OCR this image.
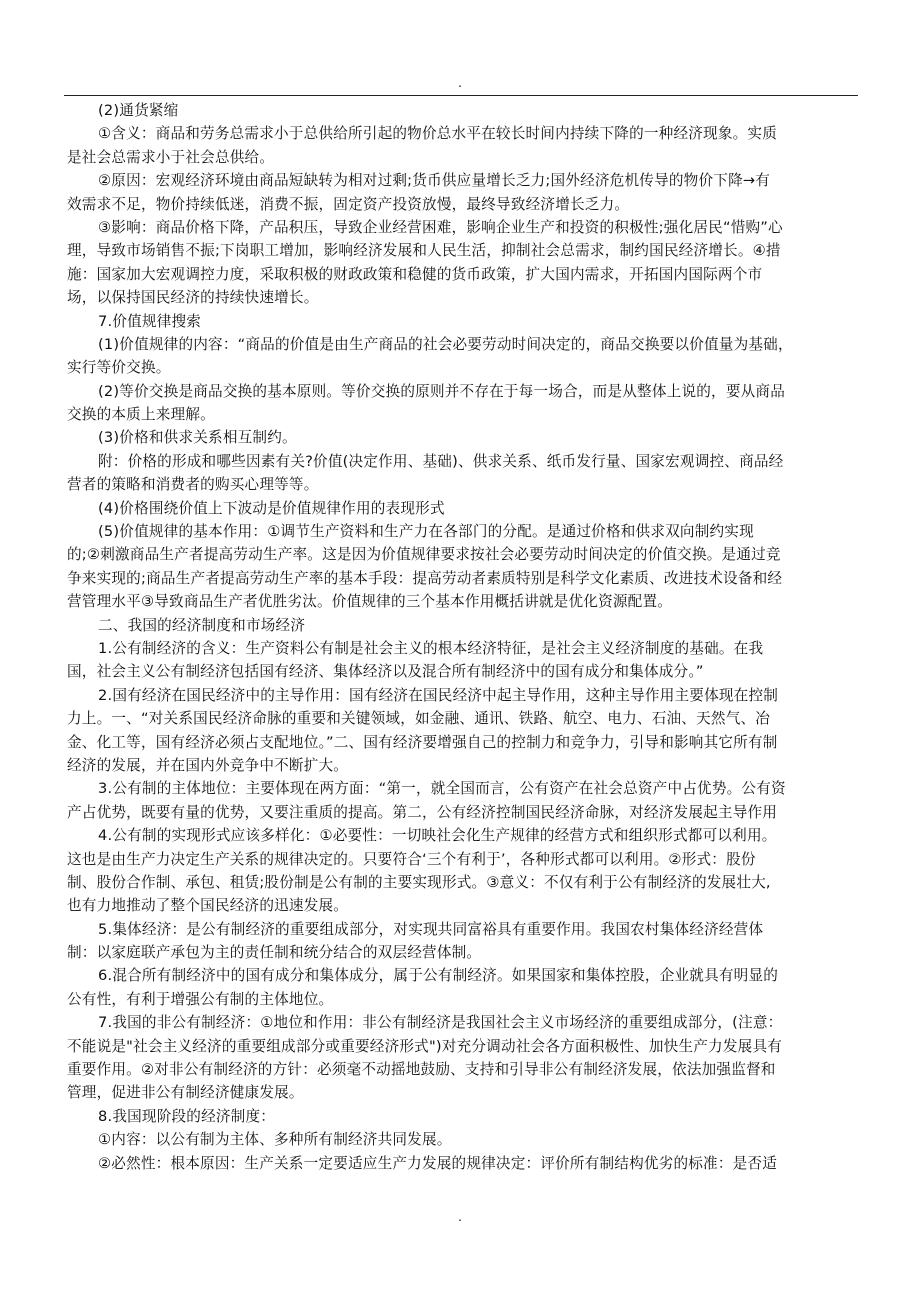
.
(2)通货紧缩
①含义：商品和劳务总需求小于总供给所引起的物价总水平在较长时间内持续下降的一种经济现象。实质
是社会总需求小于社会总供给。
②原因：宏观经济环境由商品短缺转为相对过剩;货币供应量增长乏力;国外经济危机传导的物价下降→有
效需求不足，物价持续低迷，消费不振，固定资产投资放慢，最终导致经济增长乏力。
③影响：商品价格下降，产品积压，导致企业经营困难，影响企业生产和投资的积极性;强化居民“惜购”心
理，导致市场销售不振;下岗职工增加，影响经济发展和人民生活，抑制社会总需求，制约国民经济增长。④措
施：国家加大宏观调控力度，采取积极的财政政策和稳健的货币政策，扩大国内需求，开拓国内国际两个市
场，以保持国民经济的持续快速增长。
7.价值规律搜索
(1)价值规律的内容：“商品的价值是由生产商品的社会必要劳动时间决定的，商品交换要以价值量为基础，
实行等价交换。
(2)等价交换是商品交换的基本原则。等价交换的原则并不存在于每一场合，而是从整体上说的，要从商品
交换的本质上来理解。
(3)价格和供求关系相互制约。
附：价格的形成和哪些因素有关?价值(决定作用、基础)、供求关系、纸币发行量、国家宏观调控、商品经
营者的策略和消费者的购买心理等等。
(4)价格围绕价值上下波动是价值规律作用的表现形式
(5)价值规律的基本作用：①调节生产资料和生产力在各部门的分配。是通过价格和供求双向制约实现
的;②刺激商品生产者提高劳动生产率。这是因为价值规律要求按社会必要劳动时间决定的价值交换。是通过竞
争来实现的;商品生产者提高劳动生产率的基本手段：提高劳动者素质特别是科学文化素质、改进技术设备和经
营管理水平③导致商品生产者优胜劣汰。价值规律的三个基本作用概括讲就是优化资源配置。
二、我国的经济制度和市场经济
1.公有制经济的含义：生产资料公有制是社会主义的根本经济特征，是社会主义经济制度的基础。在我
国，社会主义公有制经济包括国有经济、集体经济以及混合所有制经济中的国有成分和集体成分。”
2.国有经济在国民经济中的主导作用：国有经济在国民经济中起主导作用，这种主导作用主要体现在控制
力上。一、“对关系国民经济命脉的重要和关键领域，如金融、通讯、铁路、航空、电力、石油、天然气、冶
金、化工等，国有经济必须占支配地位。”二、国有经济要增强自己的控制力和竞争力，引导和影响其它所有制
经济的发展，并在国内外竞争中不断扩大。
3.公有制的主体地位：主要体现在两方面：“第一，就全国而言，公有资产在社会总资产中占优势。公有资
产占优势，既要有量的优势，又要注重质的提高。第二，公有经济控制国民经济命脉，对经济发展起主导作用
4.公有制的实现形式应该多样化：①必要性：一切映社会化生产规律的经营方式和组织形式都可以利用。
这也是由生产力决定生产关系的规律决定的。只要符合‘三个有利于’，各种形式都可以利用。②形式：股份
制、股份合作制、承包、租赁;股份制是公有制的主要实现形式。③意义：不仅有利于公有制经济的发展壮大,
也有力地推动了整个国民经济的迅速发展。
5.集体经济：是公有制经济的重要组成部分，对实现共同富裕具有重要作用。我国农村集体经济经营体
制：以家庭联产承包为主的责任制和统分结合的双层经营体制。
6.混合所有制经济中的国有成分和集体成分，属于公有制经济。如果国家和集体控股，企业就具有明显的
公有性，有利于增强公有制的主体地位。
7.我国的非公有制经济：①地位和作用：非公有制经济是我国社会主义市场经济的重要组成部分，(注意：
不能说是"社会主义经济的重要组成部分或重要经济形式")对充分调动社会各方面积极性、加快生产力发展具有
重要作用。②对非公有制经济的方针：必须毫不动摇地鼓励、支持和引导非公有制经济发展，依法加强监督和
管理，促进非公有制经济健康发展。
8.我国现阶段的经济制度：
①内容：以公有制为主体、多种所有制经济共同发展。
②必然性：根本原因：生产关系一定要适应生产力发展的规律决定：评价所有制结构优劣的标准：是否适
.
